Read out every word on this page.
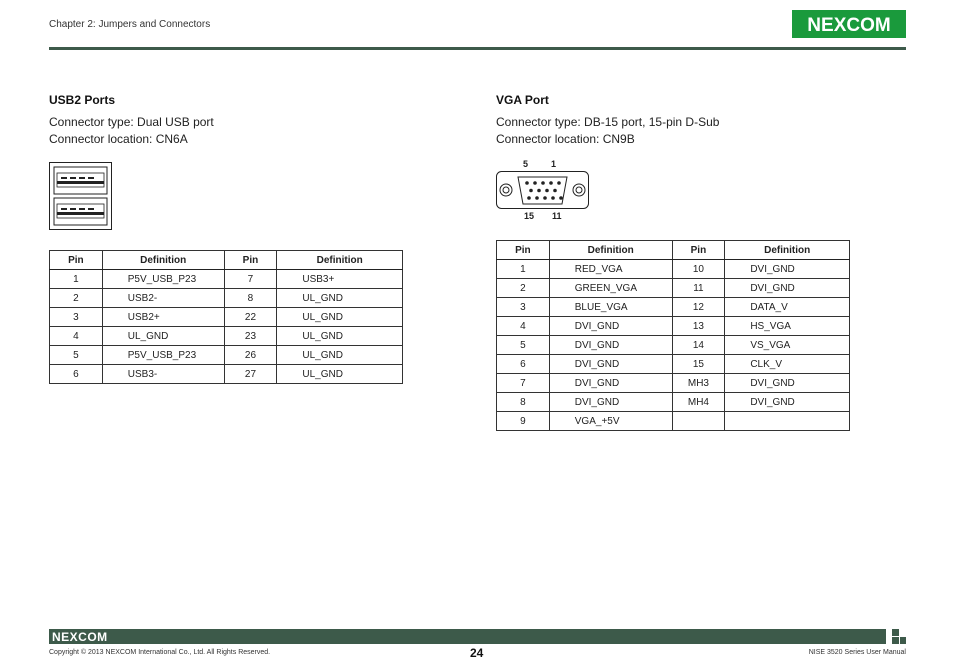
Chapter 2: Jumpers and Connectors	NEXCOM
USB2 Ports
Connector type: Dual USB port
Connector location: CN6A
Pin	Definition	Pin	Definition
1	P5V_USB_P23	7	USB3+
2	USB2-	8	UL_GND
3	USB2+	22	UL_GND
4	UL_GND	23	UL_GND
5	P5V_USB_P23	26	UL_GND
6	USB3-	27	UL_GND
VGA Port
Connector type: DB-15 port, 15-pin D-Sub
Connector location: CN9B
5	1
15 11
Pin	Definition	Pin	Definition
1	RED_VGA	10	DVI_GND
2	GREEN_VGA	11	DVI_GND
3	BLUE_VGA	12	DATA_V
4	DVI_GND	13	HS_VGA
5	DVI_GND	14	VS_VGA
6	DVI_GND	15	CLK_V
7	DVI_GND	MH3	DVI_GND
8	DVI_GND	MH4	DVI_GND
9	VGA_+5V		
NEXCOM
Copyright © 2013 NEXCOM International Co., Ltd. All Rights Reserved.	24	NISE 3520 Series User Manual
